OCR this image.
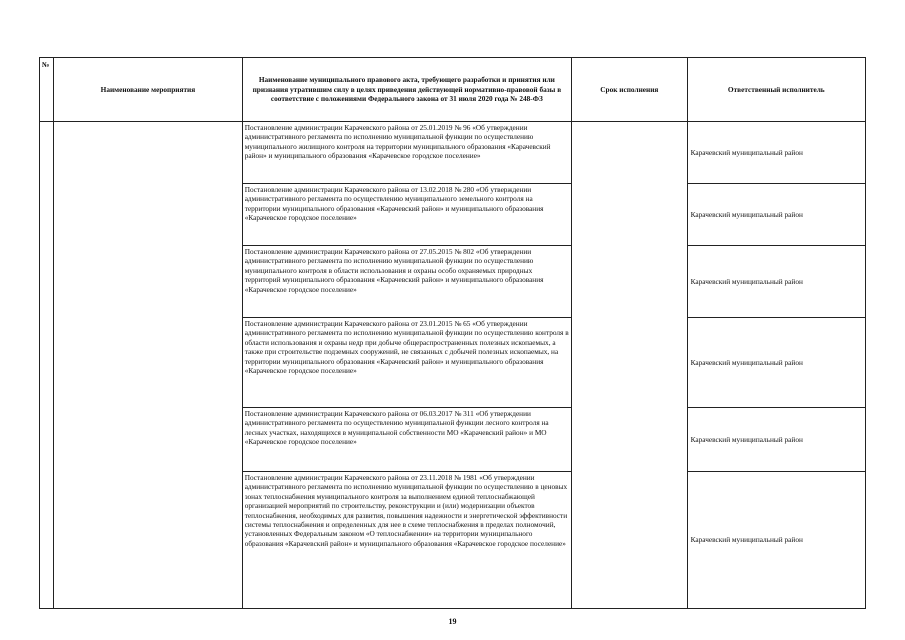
№	Наименование мероприятия	Наименование муниципального правового акта, требующего разработки и принятия или признания утратившим силу в целях приведения действующей нормативно-правовой базы в соответствие с положениями Федерального закона от 31 июля 2020 года № 248-ФЗ	Срок исполнения	Ответственный исполнитель
		Постановление администрации Карачевского района от 25.01.2019 № 96 «Об утверждении административного регламента по исполнению муниципальной функции по осуществлению муниципального жилищного контроля на территории муниципального образования «Карачевский район» и муниципального образования «Карачевское городское поселение»		Карачевский муниципальный район
		Постановление администрации Карачевского района от 13.02.2018 № 280 «Об утверждении административного регламента по осуществлению муниципального земельного контроля на территории муниципального образования «Карачевский район» и муниципального образования «Карачевское городское поселение»		Карачевский муниципальный район
		Постановление администрации Карачевского района от 27.05.2015 № 802 «Об утверждении административного регламента по исполнению муниципальной функции по осуществлению муниципального контроля в области использования и охраны особо охраняемых природных территорий муниципального образования «Карачевский район» и муниципального образования «Карачевское городское поселение»		Карачевский муниципальный район
		Постановление администрации Карачевского района от 23.01.2015 № 65 «Об утверждении административного регламента по исполнению муниципальной функции по осуществлению контроля в области использования и охраны недр при добыче общераспространенных полезных ископаемых, а также при строительстве подземных сооружений, не связанных с добычей полезных ископаемых, на территории муниципального образования «Карачевский район» и муниципального образования «Карачевское городское поселение»		Карачевский муниципальный район
		Постановление администрации Карачевского района от 06.03.2017 № 311 «Об утверждении административного регламента по осуществлению муниципальной функции лесного контроля на лесных участках, находящихся в муниципальной собственности МО «Карачевский район» и МО «Карачевское городское поселение»		Карачевский муниципальный район
		Постановление администрации Карачевского района от 23.11.2018 № 1981 «Об утверждении административного регламента по исполнению муниципальной функции по осуществлению в ценовых зонах теплоснабжения муниципального контроля за выполнением единой теплоснабжающей организацией мероприятий по строительству, реконструкции и (или) модернизации объектов теплоснабжения, необходимых для развития, повышения надежности и энергетической эффективности системы теплоснабжения и определенных для нее в схеме теплоснабжения в пределах полномочий, установленных Федеральным законом «О теплоснабжении» на территории муниципального образования «Карачевский район» и муниципального образования «Карачевское городское поселение»		Карачевский муниципальный район
19
